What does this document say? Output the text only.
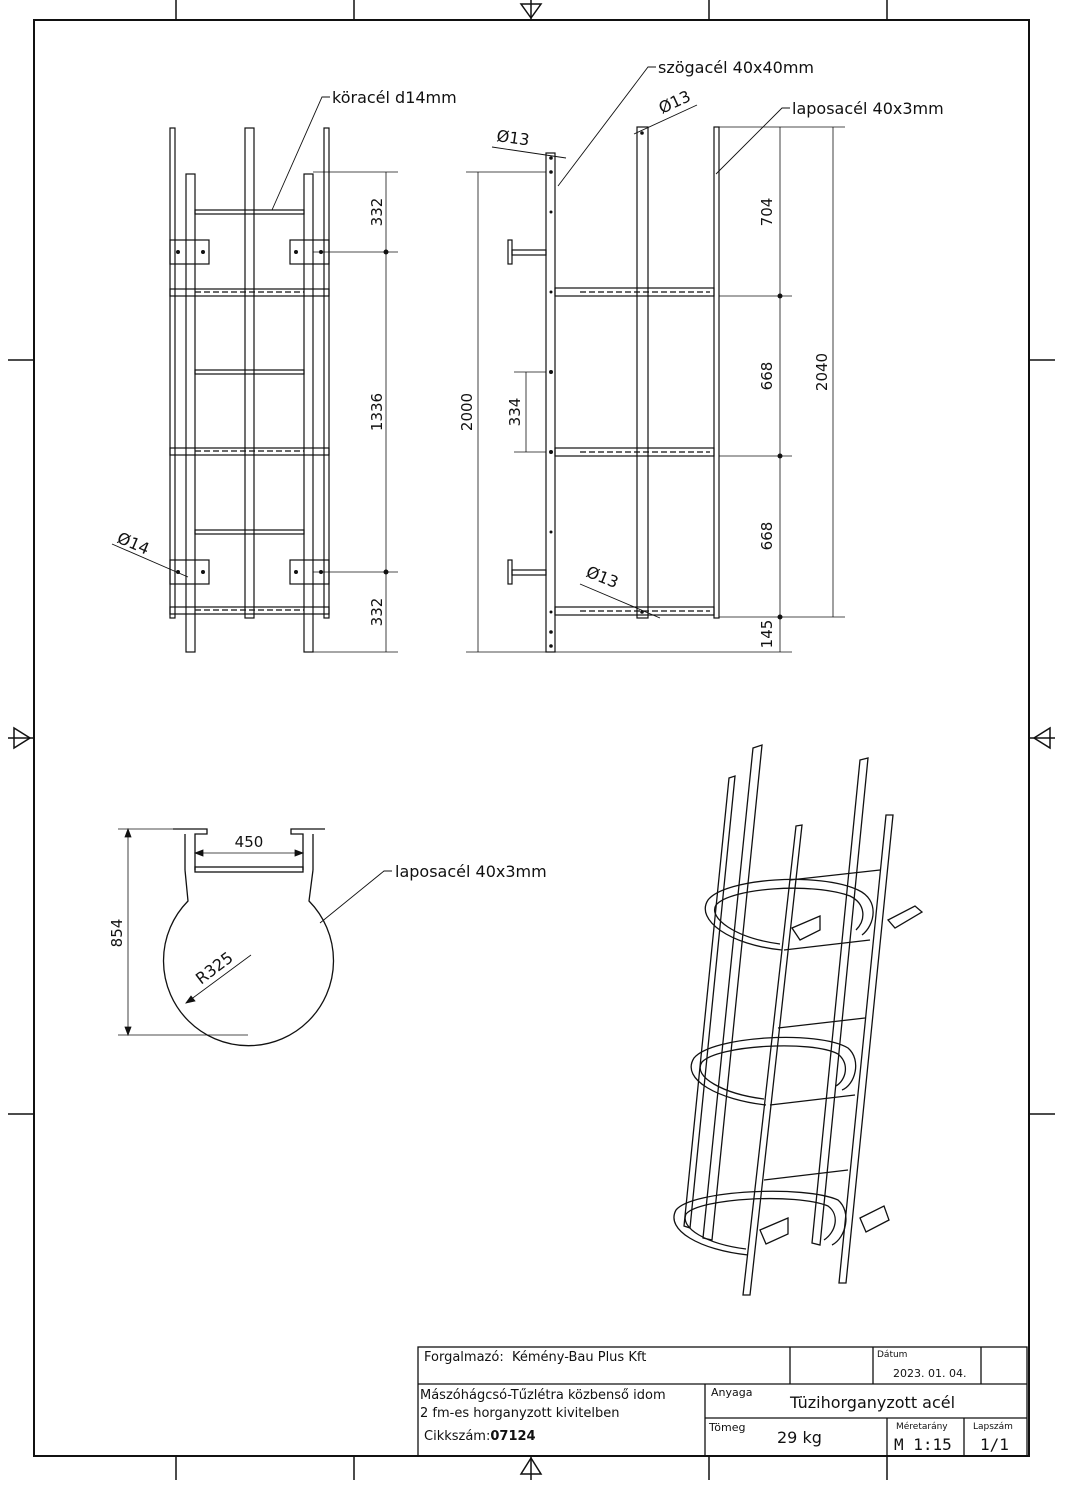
köracél d14mm
szögacél 40x40mm
laposacél 40x3mm
laposacél 40x3mm
Ø13
Ø13
Ø13
Ø14
R325
332
1336
332
2000 334
704
668
668
145
2040
450
854
Forgalmazó: Kémény-Bau Plus Kft	Dátum
2023. 01. 04.
Mászóhágcsó-Tűzlétra közbenső idom
2 fm-es horganyzott kivitelben
Cikkszám:07124
Anyaga
Tüzihorganyzott acél
Tömeg
29 kg
Méretarány
M 1:15
Lapszám
1/1
